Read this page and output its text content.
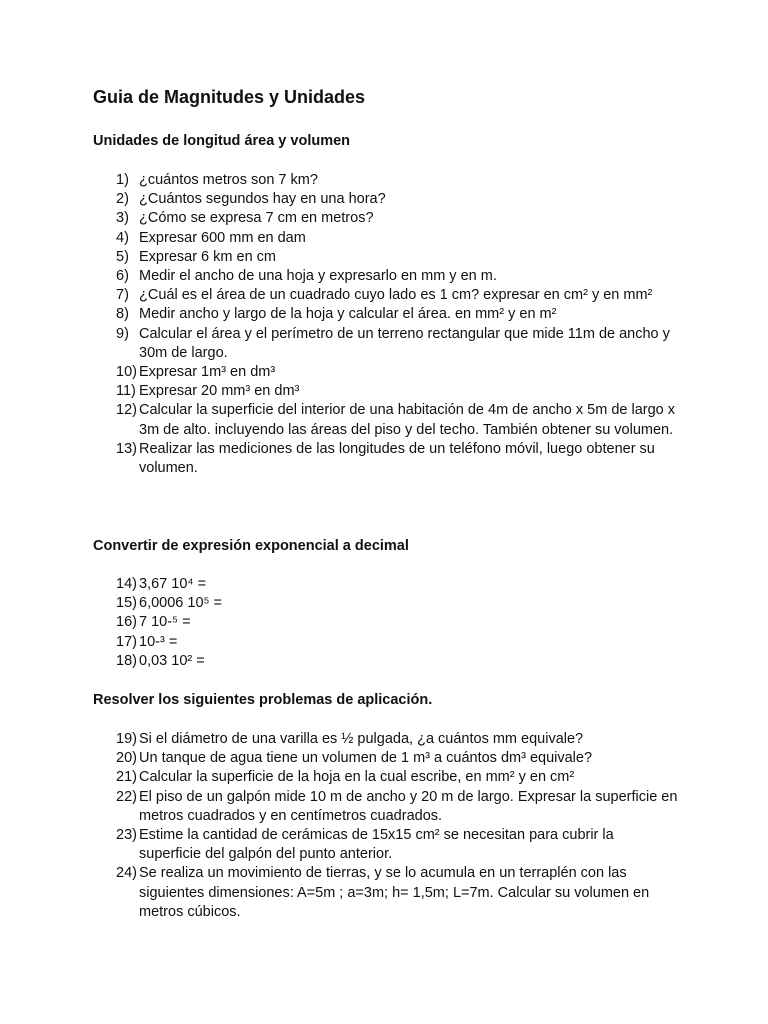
Guia de Magnitudes y Unidades
Unidades de longitud área y volumen
1) ¿cuántos metros son 7 km?
2) ¿Cuántos segundos hay en una hora?
3) ¿Cómo se expresa 7 cm en metros?
4) Expresar 600 mm en dam
5) Expresar 6 km en cm
6) Medir el ancho de una hoja y expresarlo en mm y en m.
7) ¿Cuál es el área de un cuadrado cuyo lado es 1 cm? expresar en cm² y en mm²
8) Medir ancho y largo de la hoja y calcular el área. en mm² y en m²
9) Calcular el área y el perímetro de un terreno rectangular que mide 11m de ancho y 30m de largo.
10) Expresar 1m³ en dm³
11) Expresar 20 mm³ en dm³
12) Calcular la superficie del interior de una habitación de 4m de ancho x 5m de largo x 3m de alto. incluyendo las áreas del piso y del techo. También obtener su volumen.
13) Realizar las mediciones de las longitudes de un teléfono móvil, luego obtener su volumen.
Convertir de expresión exponencial a decimal
14) 3,67 10⁴ =
15) 6,0006 10⁵ =
16) 7 10-⁵ =
17) 10-³ =
18) 0,03 10² =
Resolver los siguientes problemas de aplicación.
19) Si el diámetro de una varilla es ½ pulgada, ¿a cuántos mm equivale?
20) Un tanque de agua tiene un volumen de 1 m³ a cuántos dm³ equivale?
21) Calcular la superficie de la hoja en la cual escribe, en mm² y en cm²
22) El piso de un galpón mide 10 m de ancho y 20 m de largo. Expresar la superficie en metros cuadrados y en centímetros cuadrados.
23) Estime la cantidad de cerámicas de 15x15 cm² se necesitan para cubrir la superficie del galpón del punto anterior.
24) Se realiza un movimiento de tierras, y se lo acumula en un terraplén con las siguientes dimensiones: A=5m ; a=3m; h= 1,5m; L=7m. Calcular su volumen en metros cúbicos.
